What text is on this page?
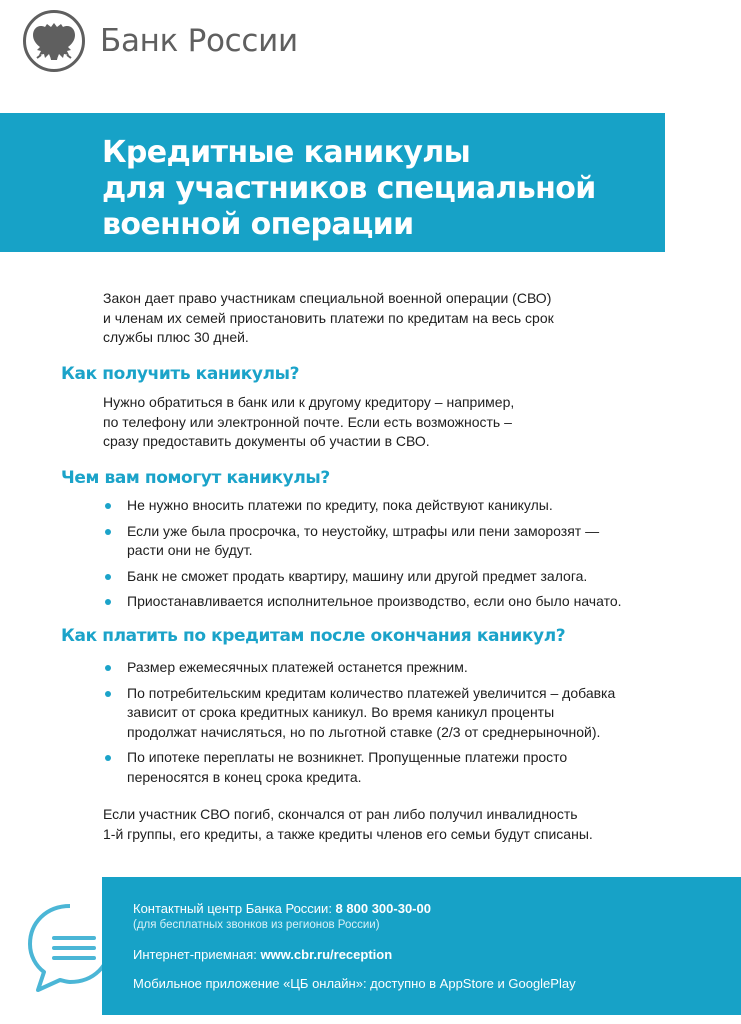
Банк России
Кредитные каникулы
для участников специальной
военной операции

Закон дает право участникам специальной военной операции (СВО)
и членам их семей приостановить платежи по кредитам на весь срок
службы плюс 30 дней.

Как получить каникулы?

Нужно обратиться в банк или к другому кредитору – например,
по телефону или электронной почте. Если есть возможность –
сразу предоставить документы об участии в СВО.

Чем вам помогут каникулы?
Не нужно вносить платежи по кредиту, пока действуют каникулы.
Если уже была просрочка, то неустойку, штрафы или пени заморозят —
расти они не будут.
Банк не сможет продать квартиру, машину или другой предмет залога.
Приостанавливается исполнительное производство, если оно было начато.
Как платить по кредитам после окончания каникул?
Размер ежемесячных платежей останется прежним.
По потребительским кредитам количество платежей увеличится – добавка
зависит от срока кредитных каникул. Во время каникул проценты
продолжат начисляться, но по льготной ставке (2/3 от среднерыночной).
По ипотеке переплаты не возникнет. Пропущенные платежи просто
переносятся в конец срока кредита.

Если участник СВО погиб, скончался от ран либо получил инвалидность
1-й группы, его кредиты, а также кредиты членов его семьи будут списаны.

Контактный центр Банка России: 8 800 300-30-00
(для бесплатных звонков из регионов России)
Интернет-приемная: www.cbr.ru/reception
Мобильное приложение «ЦБ онлайн»: доступно в AppStore и GooglePlay
